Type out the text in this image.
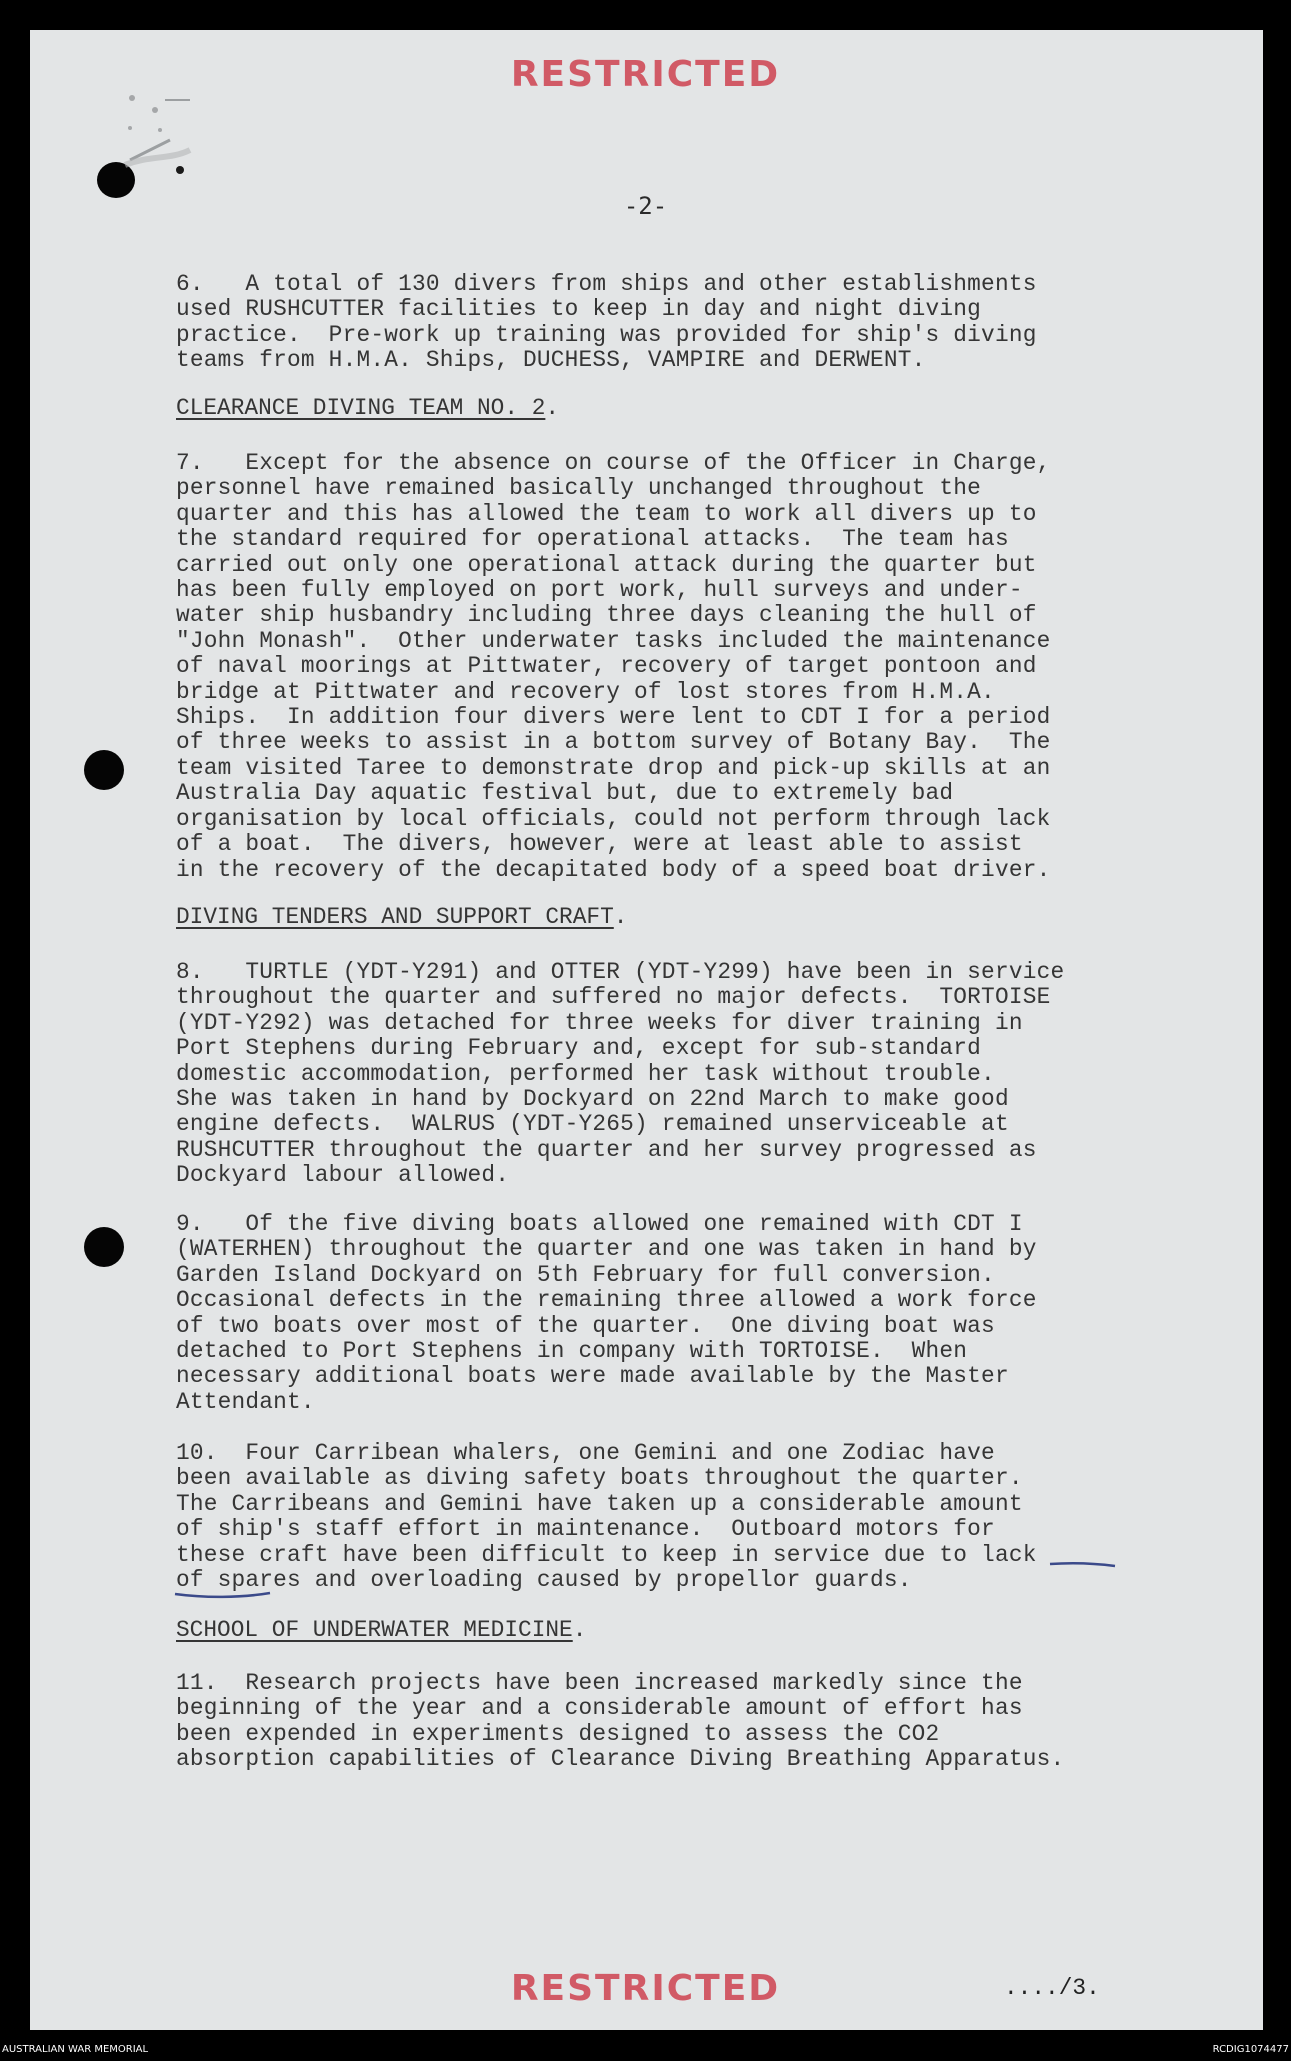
RESTRICTED
-2-
6.   A total of 130 divers from ships and other establishments
used RUSHCUTTER facilities to keep in day and night diving
practice.  Pre-work up training was provided for ship's diving
teams from H.M.A. Ships, DUCHESS, VAMPIRE and DERWENT.
CLEARANCE DIVING TEAM NO. 2.
7.   Except for the absence on course of the Officer in Charge,
personnel have remained basically unchanged throughout the
quarter and this has allowed the team to work all divers up to
the standard required for operational attacks.  The team has
carried out only one operational attack during the quarter but
has been fully employed on port work, hull surveys and under-
water ship husbandry including three days cleaning the hull of
"John Monash".  Other underwater tasks included the maintenance
of naval moorings at Pittwater, recovery of target pontoon and
bridge at Pittwater and recovery of lost stores from H.M.A.
Ships.  In addition four divers were lent to CDT I for a period
of three weeks to assist in a bottom survey of Botany Bay.  The
team visited Taree to demonstrate drop and pick-up skills at an
Australia Day aquatic festival but, due to extremely bad
organisation by local officials, could not perform through lack
of a boat.  The divers, however, were at least able to assist
in the recovery of the decapitated body of a speed boat driver.
DIVING TENDERS AND SUPPORT CRAFT.
8.   TURTLE (YDT-Y291) and OTTER (YDT-Y299) have been in service
throughout the quarter and suffered no major defects.  TORTOISE
(YDT-Y292) was detached for three weeks for diver training in
Port Stephens during February and, except for sub-standard
domestic accommodation, performed her task without trouble.
She was taken in hand by Dockyard on 22nd March to make good
engine defects.  WALRUS (YDT-Y265) remained unserviceable at
RUSHCUTTER throughout the quarter and her survey progressed as
Dockyard labour allowed.
9.   Of the five diving boats allowed one remained with CDT I
(WATERHEN) throughout the quarter and one was taken in hand by
Garden Island Dockyard on 5th February for full conversion.
Occasional defects in the remaining three allowed a work force
of two boats over most of the quarter.  One diving boat was
detached to Port Stephens in company with TORTOISE.  When
necessary additional boats were made available by the Master
Attendant.
10.  Four Carribean whalers, one Gemini and one Zodiac have
been available as diving safety boats throughout the quarter.
The Carribeans and Gemini have taken up a considerable amount
of ship's staff effort in maintenance.  Outboard motors for
these craft have been difficult to keep in service due to lack
of spares and overloading caused by propellor guards.
SCHOOL OF UNDERWATER MEDICINE.
11.  Research projects have been increased markedly since the
beginning of the year and a considerable amount of effort has
been expended in experiments designed to assess the CO2
absorption capabilities of Clearance Diving Breathing Apparatus.
RESTRICTED	..../3.
AUSTRALIAN WAR MEMORIAL	RCDIG1074477
